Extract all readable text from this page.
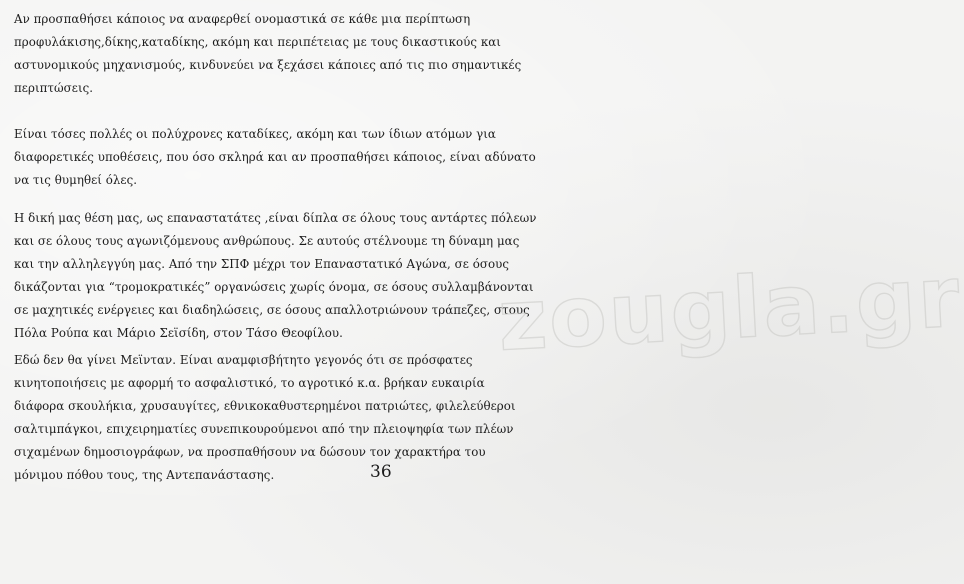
Αν προσπαθήσει κάποιος να αναφερθεί ονομαστικά σε κάθε μια περίπτωση
προφυλάκισης,δίκης,καταδίκης, ακόμη και περιπέτειας με τους δικαστικούς και
αστυνομικούς μηχανισμούς, κινδυνεύει να ξεχάσει κάποιες από τις πιο σημαντικές
περιπτώσεις.

Είναι τόσες πολλές οι πολύχρονες καταδίκες, ακόμη και των ίδιων ατόμων για
διαφορετικές υποθέσεις, που όσο σκληρά και αν προσπαθήσει κάποιος, είναι αδύνατο
να τις θυμηθεί όλες.

Η δική μας θέση μας, ως επαναστατάτες ,είναι δίπλα σε όλους τους αντάρτες πόλεων
και σε όλους τους αγωνιζόμενους ανθρώπους. Σε αυτούς στέλνουμε τη δύναμη μας
και την αλληλεγγύη μας. Από την ΣΠΦ μέχρι τον Επαναστατικό Αγώνα, σε όσους
δικάζονται για “τρομοκρατικές” οργανώσεις χωρίς όνομα, σε όσους συλλαμβάνονται
σε μαχητικές ενέργειες και διαδηλώσεις, σε όσους απαλλοτριώνουν τράπεζες, στους
Πόλα Ρούπα και Μάριο Σεϊσίδη, στον Τάσο Θεοφίλου.

Εδώ δεν θα γίνει Μεϊνταν. Είναι αναμφισβήτητο γεγονός ότι σε πρόσφατες
κινητοποιήσεις με αφορμή το ασφαλιστικό, το αγροτικό κ.α. βρήκαν ευκαιρία
διάφορα σκουλήκια, χρυσαυγίτες, εθνικοκαθυστερημένοι πατριώτες, φιλελεύθεροι
σαλτιμπάγκοι, επιχειρηματίες συνεπικουρούμενοι από την πλειοψηφία των πλέων
σιχαμένων δημοσιογράφων, να προσπαθήσουν να δώσουν τον χαρακτήρα του
μόνιμου πόθου τους, της Αντεπανάστασης.

zougla.gr
36
